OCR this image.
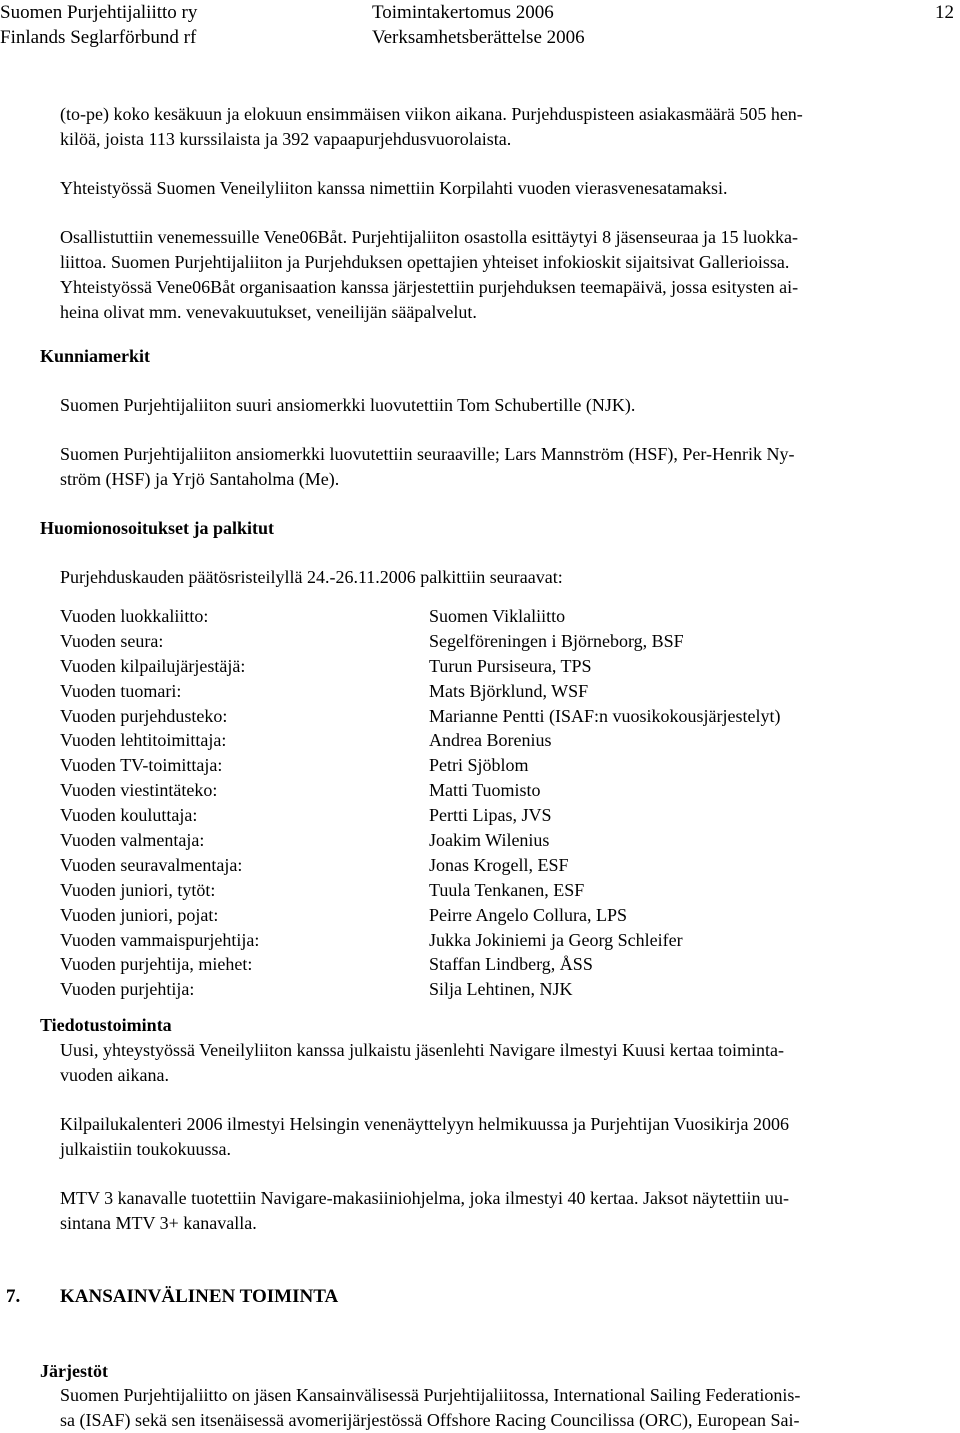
Suomen Purjehtijaliitto ry	Toimintakertomus 2006	12
Finlands Seglarförbund rf	Verksamhetsberättelse 2006

(to-pe) koko kesäkuun ja elokuun ensimmäisen viikon aikana. Purjehduspisteen asiakasmäärä 505 hen-

kilöä, joista 113 kurssilaista ja 392 vapaapurjehdusvuorolaista.

Yhteistyössä Suomen Veneilyliiton kanssa nimettiin Korpilahti vuoden vierasvenesatamaksi.

Osallistuttiin venemessuille Vene06Båt. Purjehtijaliiton osastolla esittäytyi 8 jäsenseuraa ja 15 luokka-

liittoa. Suomen Purjehtijaliiton ja Purjehduksen opettajien yhteiset infokioskit sijaitsivat Gallerioissa.

Yhteistyössä Vene06Båt organisaation kanssa järjestettiin purjehduksen teemapäivä, jossa esitysten ai-

heina olivat mm. venevakuutukset, veneilijän sääpalvelut.

Kunniamerkit

Suomen Purjehtijaliiton suuri ansiomerkki luovutettiin Tom Schubertille (NJK).

Suomen Purjehtijaliiton ansiomerkki luovutettiin seuraaville; Lars Mannström (HSF), Per-Henrik Ny-

ström (HSF) ja Yrjö Santaholma (Me).

Huomionosoitukset ja palkitut

Purjehduskauden päätösristeilyllä 24.-26.11.2006 palkittiin seuraavat:

Vuoden luokkaliitto:	Suomen Viklaliitto
Vuoden seura:	Segelföreningen i Björneborg, BSF
Vuoden kilpailujärjestäjä:	Turun Pursiseura, TPS
Vuoden tuomari:	Mats Björklund, WSF
Vuoden purjehdusteko:	Marianne Pentti (ISAF:n vuosikokousjärjestelyt)
Vuoden lehtitoimittaja:	Andrea Borenius
Vuoden TV-toimittaja:	Petri Sjöblom
Vuoden viestintäteko:	Matti Tuomisto
Vuoden kouluttaja:	Pertti Lipas, JVS
Vuoden valmentaja:	Joakim Wilenius
Vuoden seuravalmentaja:	Jonas Krogell, ESF
Vuoden juniori, tytöt:	Tuula Tenkanen, ESF
Vuoden juniori, pojat:	Peirre Angelo Collura, LPS
Vuoden vammaispurjehtija:	Jukka Jokiniemi ja Georg Schleifer
Vuoden purjehtija, miehet:	Staffan Lindberg, ÅSS
Vuoden purjehtija:	Silja Lehtinen, NJK
Tiedotustoiminta

Uusi, yhteystyössä Veneilyliiton kanssa julkaistu jäsenlehti Navigare ilmestyi Kuusi kertaa toiminta-

vuoden aikana.

Kilpailukalenteri 2006 ilmestyi Helsingin venenäyttelyyn helmikuussa ja Purjehtijan Vuosikirja 2006

julkaistiin toukokuussa.

MTV 3 kanavalle tuotettiin Navigare-makasiiniohjelma, joka ilmestyi 40 kertaa. Jaksot näytettiin uu-

sintana MTV 3+ kanavalla.

7. KANSAINVÄLINEN TOIMINTA
Järjestöt

Suomen Purjehtijaliitto on jäsen Kansainvälisessä Purjehtijaliitossa, International Sailing Federationis-

sa (ISAF) sekä sen itsenäisessä avomerijärjestössä Offshore Racing Councilissa (ORC), European Sai-
